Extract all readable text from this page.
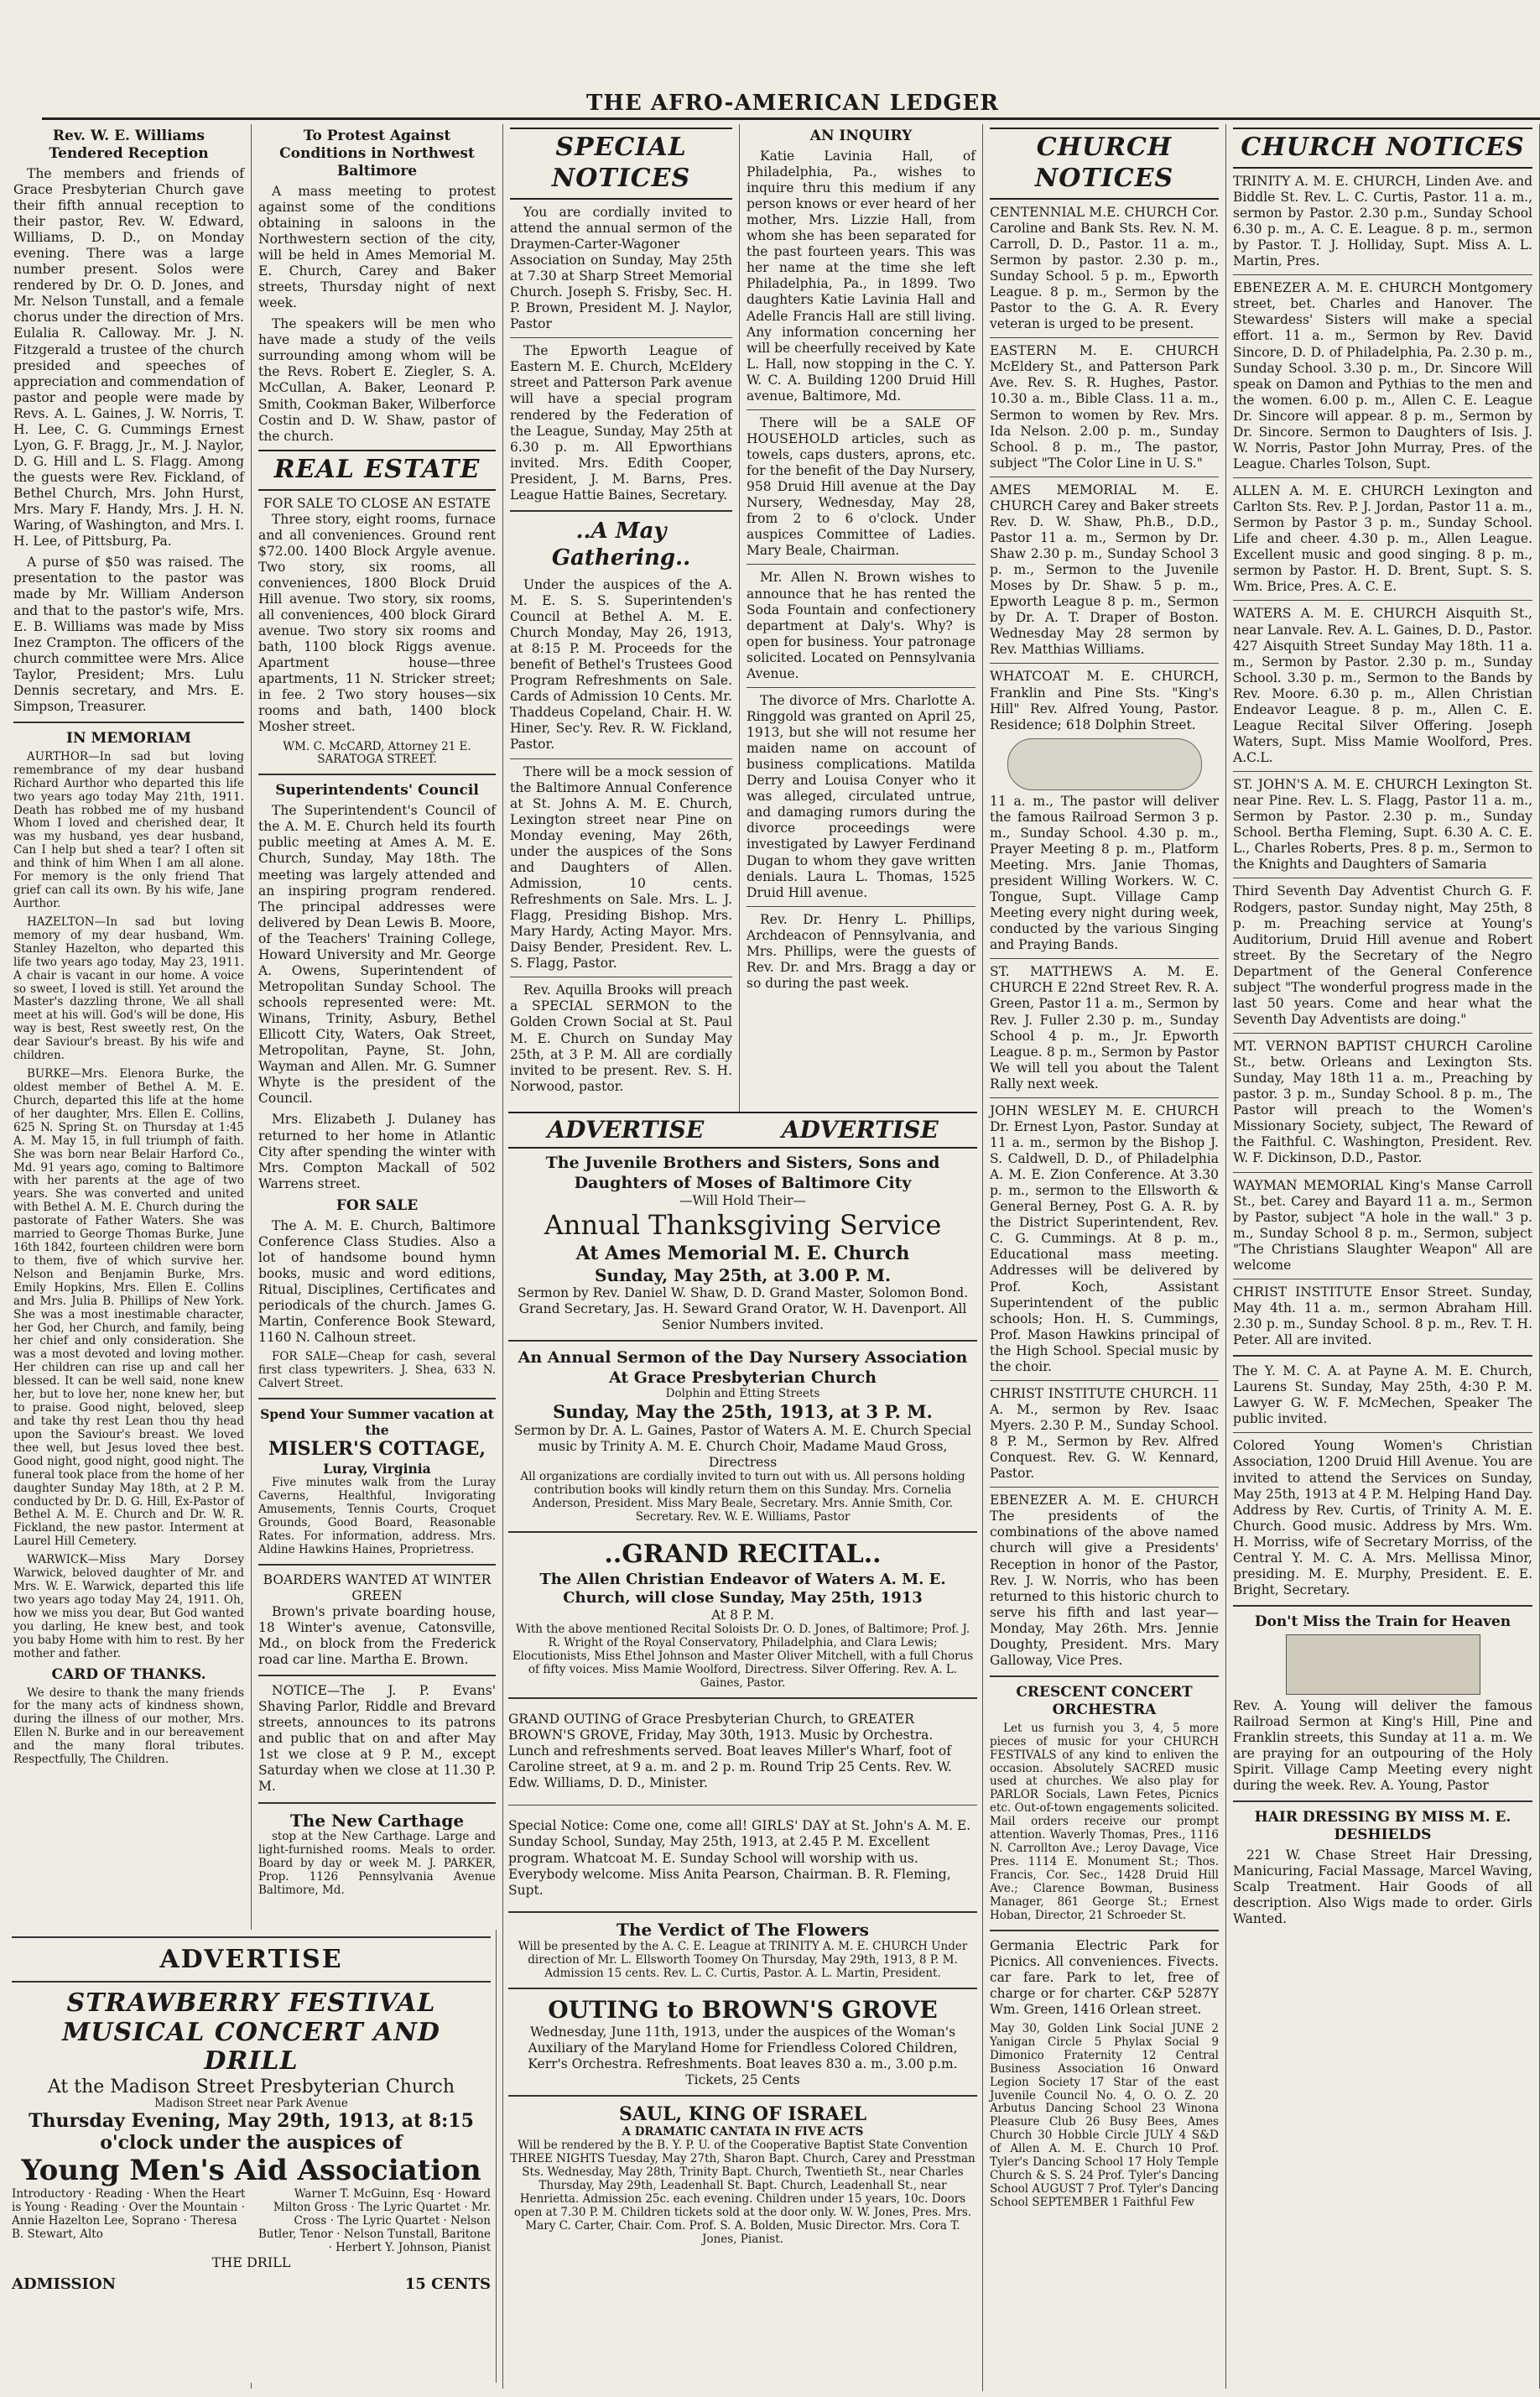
THE AFRO-AMERICAN LEDGER
Rev. W. E. Williams Tendered Reception

The members and friends of Grace Presbyterian Church gave their fifth annual reception to their pastor, Rev. W. Edward, Williams, D. D., on Monday evening. There was a large number present. Solos were rendered by Dr. O. D. Jones, and Mr. Nelson Tunstall, and a female chorus under the direction of Mrs. Eulalia R. Calloway. Mr. J. N. Fitzgerald a trustee of the church presided and speeches of appreciation and commendation of pastor and people were made by Revs. A. L. Gaines, J. W. Norris, T. H. Lee, C. G. Cummings Ernest Lyon, G. F. Bragg, Jr., M. J. Naylor, D. G. Hill and L. S. Flagg. Among the guests were Rev. Fickland, of Bethel Church, Mrs. John Hurst, Mrs. Mary F. Handy, Mrs. J. H. N. Waring, of Washington, and Mrs. I. H. Lee, of Pittsburg, Pa.

A purse of $50 was raised. The presentation to the pastor was made by Mr. William Anderson and that to the pastor's wife, Mrs. E. B. Williams was made by Miss Inez Crampton. The officers of the church committee were Mrs. Alice Taylor, President; Mrs. Lulu Dennis secretary, and Mrs. E. Simpson, Treasurer.

IN MEMORIAM

AURTHOR—In sad but loving remembrance of my dear husband Richard Aurthor who departed this life two years ago today May 21th, 1911. Death has robbed me of my husband Whom I loved and cherished dear, It was my husband, yes dear husband, Can I help but shed a tear? I often sit and think of him When I am all alone. For memory is the only friend That grief can call its own. By his wife, Jane Aurthor.

HAZELTON—In sad but loving memory of my dear husband, Wm. Stanley Hazelton, who departed this life two years ago today, May 23, 1911. A chair is vacant in our home. A voice so sweet, I loved is still. Yet around the Master's dazzling throne, We all shall meet at his will. God's will be done, His way is best, Rest sweetly rest, On the dear Saviour's breast. By his wife and children.

BURKE—Mrs. Elenora Burke, the oldest member of Bethel A. M. E. Church, departed this life at the home of her daughter, Mrs. Ellen E. Collins, 625 N. Spring St. on Thursday at 1:45 A. M. May 15, in full triumph of faith. She was born near Belair Harford Co., Md. 91 years ago, coming to Baltimore with her parents at the age of two years. She was converted and united with Bethel A. M. E. Church during the pastorate of Father Waters. She was married to George Thomas Burke, June 16th 1842, fourteen children were born to them, five of which survive her. Nelson and Benjamin Burke, Mrs. Emily Hopkins, Mrs. Ellen E. Collins and Mrs. Julia B. Phillips of New York. She was a most inestimable character, her God, her Church, and family, being her chief and only consideration. She was a most devoted and loving mother. Her children can rise up and call her blessed. It can be well said, none knew her, but to love her, none knew her, but to praise. Good night, beloved, sleep and take thy rest Lean thou thy head upon the Saviour's breast. We loved thee well, but Jesus loved thee best. Good night, good night, good night. The funeral took place from the home of her daughter Sunday May 18th, at 2 P. M. conducted by Dr. D. G. Hill, Ex-Pastor of Bethel A. M. E. Church and Dr. W. R. Fickland, the new pastor. Interment at Laurel Hill Cemetery.

WARWICK—Miss Mary Dorsey Warwick, beloved daughter of Mr. and Mrs. W. E. Warwick, departed this life two years ago today May 24, 1911. Oh, how we miss you dear, But God wanted you darling, He knew best, and took you baby Home with him to rest. By her mother and father.

CARD OF THANKS.

We desire to thank the many friends for the many acts of kindness shown, during the illness of our mother, Mrs. Ellen N. Burke and in our bereavement and the many floral tributes. Respectfully, The Children.

To Protest Against Conditions in Northwest Baltimore

A mass meeting to protest against some of the conditions obtaining in saloons in the Northwestern section of the city, will be held in Ames Memorial M. E. Church, Carey and Baker streets, Thursday night of next week.

The speakers will be men who have made a study of the veils surrounding among whom will be the Revs. Robert E. Ziegler, S. A. McCullan, A. Baker, Leonard P. Smith, Cookman Baker, Wilberforce Costin and D. W. Shaw, pastor of the church.

REAL ESTATE
FOR SALE TO CLOSE AN ESTATE

Three story, eight rooms, furnace and all conveniences. Ground rent $72.00. 1400 Block Argyle avenue. Two story, six rooms, all conveniences, 1800 Block Druid Hill avenue. Two story, six rooms, all conveniences, 400 block Girard avenue. Two story six rooms and bath, 1100 block Riggs avenue. Apartment house—three apartments, 11 N. Stricker street; in fee. 2 Two story houses—six rooms and bath, 1400 block Mosher street.

WM. C. McCARD, Attorney 21 E. SARATOGA STREET.
Superintendents' Council

The Superintendent's Council of the A. M. E. Church held its fourth public meeting at Ames A. M. E. Church, Sunday, May 18th. The meeting was largely attended and an inspiring program rendered. The principal addresses were delivered by Dean Lewis B. Moore, of the Teachers' Training College, Howard University and Mr. George A. Owens, Superintendent of Metropolitan Sunday School. The schools represented were: Mt. Winans, Trinity, Asbury, Bethel Ellicott City, Waters, Oak Street, Metropolitan, Payne, St. John, Wayman and Allen. Mr. G. Sumner Whyte is the president of the Council.

Mrs. Elizabeth J. Dulaney has returned to her home in Atlantic City after spending the winter with Mrs. Compton Mackall of 502 Warrens street.

FOR SALE

The A. M. E. Church, Baltimore Conference Class Studies. Also a lot of handsome bound hymn books, music and word editions, Ritual, Disciplines, Certificates and periodicals of the church. James G. Martin, Conference Book Steward, 1160 N. Calhoun street.

FOR SALE—Cheap for cash, several first class typewriters. J. Shea, 633 N. Calvert Street.

Spend Your Summer vacation at the
MISLER'S COTTAGE,
Luray, Virginia

Five minutes walk from the Luray Caverns, Healthful, Invigorating Amusements, Tennis Courts, Croquet Grounds, Good Board, Reasonable Rates. For information, address. Mrs. Aldine Hawkins Haines, Proprietress.

BOARDERS WANTED AT WINTER GREEN

Brown's private boarding house, 18 Winter's avenue, Catonsville, Md., on block from the Frederick road car line. Martha E. Brown.

NOTICE—The J. P. Evans' Shaving Parlor, Riddle and Brevard streets, announces to its patrons and public that on and after May 1st we close at 9 P. M., except Saturday when we close at 11.30 P. M.

The New Carthage

stop at the New Carthage. Large and light-furnished rooms. Meals to order. Board by day or week M. J. PARKER, Prop. 1126 Pennsylvania Avenue Baltimore, Md.

SPECIAL NOTICES

You are cordially invited to attend the annual sermon of the Draymen-Carter-Wagoner Association on Sunday, May 25th at 7.30 at Sharp Street Memorial Church. Joseph S. Frisby, Sec. H. P. Brown, President M. J. Naylor, Pastor

The Epworth League of Eastern M. E. Church, McEldery street and Patterson Park avenue will have a special program rendered by the Federation of the League, Sunday, May 25th at 6.30 p. m. All Epworthians invited. Mrs. Edith Cooper, President, J. M. Barns, Pres. League Hattie Baines, Secretary.

..A May Gathering..

Under the auspices of the A. M. E. S. S. Superintenden's Council at Bethel A. M. E. Church Monday, May 26, 1913, at 8:15 P. M. Proceeds for the benefit of Bethel's Trustees Good Program Refreshments on Sale. Cards of Admission 10 Cents. Mr. Thaddeus Copeland, Chair. H. W. Hiner, Sec'y. Rev. R. W. Fickland, Pastor.

There will be a mock session of the Baltimore Annual Conference at St. Johns A. M. E. Church, Lexington street near Pine on Monday evening, May 26th, under the auspices of the Sons and Daughters of Allen. Admission, 10 cents. Refreshments on Sale. Mrs. L. J. Flagg, Presiding Bishop. Mrs. Mary Hardy, Acting Mayor. Mrs. Daisy Bender, President. Rev. L. S. Flagg, Pastor.

Rev. Aquilla Brooks will preach a SPECIAL SERMON to the Golden Crown Social at St. Paul M. E. Church on Sunday May 25th, at 3 P. M. All are cordially invited to be present. Rev. S. H. Norwood, pastor.

AN INQUIRY

Katie Lavinia Hall, of Philadelphia, Pa., wishes to inquire thru this medium if any person knows or ever heard of her mother, Mrs. Lizzie Hall, from whom she has been separated for the past fourteen years. This was her name at the time she left Philadelphia, Pa., in 1899. Two daughters Katie Lavinia Hall and Adelle Francis Hall are still living. Any information concerning her will be cheerfully received by Kate L. Hall, now stopping in the C. Y. W. C. A. Building 1200 Druid Hill avenue, Baltimore, Md.

There will be a SALE OF HOUSEHOLD articles, such as towels, caps dusters, aprons, etc. for the benefit of the Day Nursery, 958 Druid Hill avenue at the Day Nursery, Wednesday, May 28, from 2 to 6 o'clock. Under auspices Committee of Ladies. Mary Beale, Chairman.

Mr. Allen N. Brown wishes to announce that he has rented the Soda Fountain and confectionery department at Daly's. Why? is open for business. Your patronage solicited. Located on Pennsylvania Avenue.

The divorce of Mrs. Charlotte A. Ringgold was granted on April 25, 1913, but she will not resume her maiden name on account of business complications. Matilda Derry and Louisa Conyer who it was alleged, circulated untrue, and damaging rumors during the divorce proceedings were investigated by Lawyer Ferdinand Dugan to whom they gave written denials. Laura L. Thomas, 1525 Druid Hill avenue.

Rev. Dr. Henry L. Phillips, Archdeacon of Pennsylvania, and Mrs. Phillips, were the guests of Rev. Dr. and Mrs. Bragg a day or so during the past week.

CHURCH NOTICES

CENTENNIAL M.E. CHURCH Cor. Caroline and Bank Sts. Rev. N. M. Carroll, D. D., Pastor. 11 a. m., Sermon by pastor. 2.30 p. m., Sunday School. 5 p. m., Epworth League. 8 p. m., Sermon by the Pastor to the G. A. R. Every veteran is urged to be present.

EASTERN M. E. CHURCH McEldery St., and Patterson Park Ave. Rev. S. R. Hughes, Pastor. 10.30 a. m., Bible Class. 11 a. m., Sermon to women by Rev. Mrs. Ida Nelson. 2.00 p. m., Sunday School. 8 p. m., The pastor, subject "The Color Line in U. S."

AMES MEMORIAL M. E. CHURCH Carey and Baker streets Rev. D. W. Shaw, Ph.B., D.D., Pastor 11 a. m., Sermon by Dr. Shaw 2.30 p. m., Sunday School 3 p. m., Sermon to the Juvenile Moses by Dr. Shaw. 5 p. m., Epworth League 8 p. m., Sermon by Dr. A. T. Draper of Boston. Wednesday May 28 sermon by Rev. Matthias Williams.

WHATCOAT M. E. CHURCH, Franklin and Pine Sts. "King's Hill" Rev. Alfred Young, Pastor. Residence; 618 Dolphin Street.

11 a. m., The pastor will deliver the famous Railroad Sermon 3 p. m., Sunday School. 4.30 p. m., Prayer Meeting 8 p. m., Platform Meeting. Mrs. Janie Thomas, president Willing Workers. W. C. Tongue, Supt. Village Camp Meeting every night during week, conducted by the various Singing and Praying Bands.

ST. MATTHEWS A. M. E. CHURCH E 22nd Street Rev. R. A. Green, Pastor 11 a. m., Sermon by Rev. J. Fuller 2.30 p. m., Sunday School 4 p. m., Jr. Epworth League. 8 p. m., Sermon by Pastor We will tell you about the Talent Rally next week.

JOHN WESLEY M. E. CHURCH Dr. Ernest Lyon, Pastor. Sunday at 11 a. m., sermon by the Bishop J. S. Caldwell, D. D., of Philadelphia A. M. E. Zion Conference. At 3.30 p. m., sermon to the Ellsworth & General Berney, Post G. A. R. by the District Superintendent, Rev. C. G. Cummings. At 8 p. m., Educational mass meeting. Addresses will be delivered by Prof. Koch, Assistant Superintendent of the public schools; Hon. H. S. Cummings, Prof. Mason Hawkins principal of the High School. Special music by the choir.

CHRIST INSTITUTE CHURCH. 11 A. M., sermon by Rev. Isaac Myers. 2.30 P. M., Sunday School. 8 P. M., Sermon by Rev. Alfred Conquest. Rev. G. W. Kennard, Pastor.

EBENEZER A. M. E. CHURCH The presidents of the combinations of the above named church will give a Presidents' Reception in honor of the Pastor, Rev. J. W. Norris, who has been returned to this historic church to serve his fifth and last year—Monday, May 26th. Mrs. Jennie Doughty, President. Mrs. Mary Galloway, Vice Pres.

CRESCENT CONCERT ORCHESTRA

Let us furnish you 3, 4, 5 more pieces of music for your CHURCH FESTIVALS of any kind to enliven the occasion. Absolutely SACRED music used at churches. We also play for PARLOR Socials, Lawn Fetes, Picnics etc. Out-of-town engagements solicited. Mail orders receive our prompt attention. Waverly Thomas, Pres., 1116 N. Carrollton Ave.; Leroy Davage, Vice Pres. 1114 E. Monument St.; Thos. Francis, Cor. Sec., 1428 Druid Hill Ave.; Clarence Bowman, Business Manager, 861 George St.; Ernest Hoban, Director, 21 Schroeder St.

Germania Electric Park for Picnics. All conveniences. Fivects. car fare. Park to let, free of charge or for charter. C&P 5287Y Wm. Green, 1416 Orlean street.

May 30, Golden Link Social JUNE 2 Yanigan Circle 5 Phylax Social 9 Dimonico Fraternity 12 Central Business Association 16 Onward Legion Society 17 Star of the east Juvenile Council No. 4, O. O. Z. 20 Arbutus Dancing School 23 Winona Pleasure Club 26 Busy Bees, Ames Church 30 Hobble Circle JULY 4 S&D of Allen A. M. E. Church 10 Prof. Tyler's Dancing School 17 Holy Temple Church & S. S. 24 Prof. Tyler's Dancing School AUGUST 7 Prof. Tyler's Dancing School SEPTEMBER 1 Faithful Few

CHURCH NOTICES

TRINITY A. M. E. CHURCH, Linden Ave. and Biddle St. Rev. L. C. Curtis, Pastor. 11 a. m., sermon by Pastor. 2.30 p.m., Sunday School 6.30 p. m., A. C. E. League. 8 p. m., sermon by Pastor. T. J. Holliday, Supt. Miss A. L. Martin, Pres.

EBENEZER A. M. E. CHURCH Montgomery street, bet. Charles and Hanover. The Stewardess' Sisters will make a special effort. 11 a. m., Sermon by Rev. David Sincore, D. D. of Philadelphia, Pa. 2.30 p. m., Sunday School. 3.30 p. m., Dr. Sincore Will speak on Damon and Pythias to the men and the women. 6.00 p. m., Allen C. E. League Dr. Sincore will appear. 8 p. m., Sermon by Dr. Sincore. Sermon to Daughters of Isis. J. W. Norris, Pastor John Murray, Pres. of the League. Charles Tolson, Supt.

ALLEN A. M. E. CHURCH Lexington and Carlton Sts. Rev. P. J. Jordan, Pastor 11 a. m., Sermon by Pastor 3 p. m., Sunday School. Life and cheer. 4.30 p. m., Allen League. Excellent music and good singing. 8 p. m., sermon by Pastor. H. D. Brent, Supt. S. S. Wm. Brice, Pres. A. C. E.

WATERS A. M. E. CHURCH Aisquith St., near Lanvale. Rev. A. L. Gaines, D. D., Pastor. 427 Aisquith Street Sunday May 18th. 11 a. m., Sermon by Pastor. 2.30 p. m., Sunday School. 3.30 p. m., Sermon to the Bands by Rev. Moore. 6.30 p. m., Allen Christian Endeavor League. 8 p. m., Allen C. E. League Recital Silver Offering. Joseph Waters, Supt. Miss Mamie Woolford, Pres. A.C.L.

ST. JOHN'S A. M. E. CHURCH Lexington St. near Pine. Rev. L. S. Flagg, Pastor 11 a. m., Sermon by Pastor. 2.30 p. m., Sunday School. Bertha Fleming, Supt. 6.30 A. C. E. L., Charles Roberts, Pres. 8 p. m., Sermon to the Knights and Daughters of Samaria

Third Seventh Day Adventist Church G. F. Rodgers, pastor. Sunday night, May 25th, 8 p. m. Preaching service at Young's Auditorium, Druid Hill avenue and Robert street. By the Secretary of the Negro Department of the General Conference subject "The wonderful progress made in the last 50 years. Come and hear what the Seventh Day Adventists are doing."

MT. VERNON BAPTIST CHURCH Caroline St., betw. Orleans and Lexington Sts. Sunday, May 18th 11 a. m., Preaching by pastor. 3 p. m., Sunday School. 8 p. m., The Pastor will preach to the Women's Missionary Society, subject, The Reward of the Faithful. C. Washington, President. Rev. W. F. Dickinson, D.D., Pastor.

WAYMAN MEMORIAL King's Manse Carroll St., bet. Carey and Bayard 11 a. m., Sermon by Pastor, subject "A hole in the wall." 3 p. m., Sunday School 8 p. m., Sermon, subject "The Christians Slaughter Weapon" All are welcome

CHRIST INSTITUTE Ensor Street. Sunday, May 4th. 11 a. m., sermon Abraham Hill. 2.30 p. m., Sunday School. 8 p. m., Rev. T. H. Peter. All are invited.

The Y. M. C. A. at Payne A. M. E. Church, Laurens St. Sunday, May 25th, 4:30 P. M. Lawyer G. W. F. McMechen, Speaker The public invited.

Colored Young Women's Christian Association, 1200 Druid Hill Avenue. You are invited to attend the Services on Sunday, May 25th, 1913 at 4 P. M. Helping Hand Day. Address by Rev. Curtis, of Trinity A. M. E. Church. Good music. Address by Mrs. Wm. H. Morriss, wife of Secretary Morriss, of the Central Y. M. C. A. Mrs. Mellissa Minor, presiding. M. E. Murphy, President. E. E. Bright, Secretary.

Don't Miss the Train for Heaven

Rev. A. Young will deliver the famous Railroad Sermon at King's Hill, Pine and Franklin streets, this Sunday at 11 a. m. We are praying for an outpouring of the Holy Spirit. Village Camp Meeting every night during the week. Rev. A. Young, Pastor

HAIR DRESSING BY MISS M. E. DESHIELDS

221 W. Chase Street Hair Dressing, Manicuring, Facial Massage, Marcel Waving, Scalp Treatment. Hair Goods of all description. Also Wigs made to order. Girls Wanted.

ADVERTISE	ADVERTISE
The Juvenile Brothers and Sisters, Sons and Daughters of Moses of Baltimore City
—Will Hold Their—
Annual Thanksgiving Service
At Ames Memorial M. E. Church
Sunday, May 25th, at 3.00 P. M.
Sermon by Rev. Daniel W. Shaw, D. D. Grand Master, Solomon Bond. Grand Secretary, Jas. H. Seward Grand Orator, W. H. Davenport. All Senior Numbers invited.
An Annual Sermon of the Day Nursery Association At Grace Presbyterian Church
Dolphin and Etting Streets
Sunday, May the 25th, 1913, at 3 P. M.
Sermon by Dr. A. L. Gaines, Pastor of Waters A. M. E. Church Special music by Trinity A. M. E. Church Choir, Madame Maud Gross, Directress
All organizations are cordially invited to turn out with us. All persons holding contribution books will kindly return them on this Sunday. Mrs. Cornelia Anderson, President. Miss Mary Beale, Secretary. Mrs. Annie Smith, Cor. Secretary. Rev. W. E. Williams, Pastor
..GRAND RECITAL..
The Allen Christian Endeavor of Waters A. M. E. Church, will close Sunday, May 25th, 1913
At 8 P. M.
With the above mentioned Recital Soloists Dr. O. D. Jones, of Baltimore; Prof. J. R. Wright of the Royal Conservatory, Philadelphia, and Clara Lewis; Elocutionists, Miss Ethel Johnson and Master Oliver Mitchell, with a full Chorus of fifty voices. Miss Mamie Woolford, Directress. Silver Offering. Rev. A. L. Gaines, Pastor.

GRAND OUTING of Grace Presbyterian Church, to GREATER BROWN'S GROVE, Friday, May 30th, 1913. Music by Orchestra. Lunch and refreshments served. Boat leaves Miller's Wharf, foot of Caroline street, at 9 a. m. and 2 p. m. Round Trip 25 Cents. Rev. W. Edw. Williams, D. D., Minister.

Special Notice: Come one, come all! GIRLS' DAY at St. John's A. M. E. Sunday School, Sunday, May 25th, 1913, at 2.45 P. M. Excellent program. Whatcoat M. E. Sunday School will worship with us. Everybody welcome. Miss Anita Pearson, Chairman. B. R. Fleming, Supt.

The Verdict of The Flowers
Will be presented by the A. C. E. League at TRINITY A. M. E. CHURCH Under direction of Mr. L. Ellsworth Toomey On Thursday, May 29th, 1913, 8 P. M. Admission 15 cents. Rev. L. C. Curtis, Pastor. A. L. Martin, President.
OUTING to BROWN'S GROVE
Wednesday, June 11th, 1913, under the auspices of the Woman's Auxiliary of the Maryland Home for Friendless Colored Children, Kerr's Orchestra. Refreshments. Boat leaves 830 a. m., 3.00 p.m. Tickets, 25 Cents
SAUL, KING OF ISRAEL
A DRAMATIC CANTATA IN FIVE ACTS
Will be rendered by the B. Y. P. U. of the Cooperative Baptist State Convention THREE NIGHTS Tuesday, May 27th, Sharon Bapt. Church, Carey and Presstman Sts. Wednesday, May 28th, Trinity Bapt. Church, Twentieth St., near Charles Thursday, May 29th, Leadenhall St. Bapt. Church, Leadenhall St., near Henrietta. Admission 25c. each evening. Children under 15 years, 10c. Doors open at 7.30 P. M. Children tickets sold at the door only. W. W. Jones, Pres. Mrs. Mary C. Carter, Chair. Com. Prof. S. A. Bolden, Music Director. Mrs. Cora T. Jones, Pianist.
ADVERTISE
STRAWBERRY FESTIVAL MUSICAL CONCERT AND DRILL
At the Madison Street Presbyterian Church
Madison Street near Park Avenue
Thursday Evening, May 29th, 1913, at 8:15 o'clock under the auspices of
Young Men's Aid Association
Introductory · Reading · When the Heart is Young · Reading · Over the Mountain · Annie Hazelton Lee, Soprano · Theresa B. Stewart, Alto
Warner T. McGuinn, Esq · Howard Milton Gross · The Lyric Quartet · Mr. Cross · The Lyric Quartet · Nelson Butler, Tenor · Nelson Tunstall, Baritone · Herbert Y. Johnson, Pianist
THE DRILL
ADMISSION	15 CENTS
